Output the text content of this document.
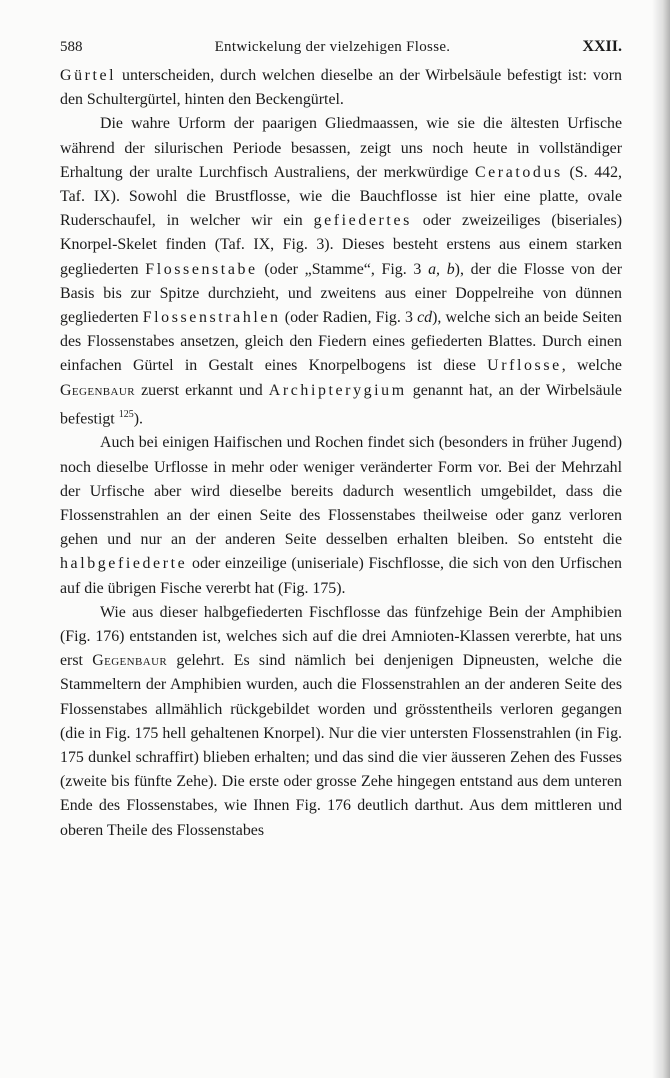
588	Entwickelung der vielzehigen Flosse.	XXII.

Gürtel unterscheiden, durch welchen dieselbe an der Wirbelsäule befestigt ist: vorn den Schultergürtel, hinten den Beckengürtel.

Die wahre Urform der paarigen Gliedmaassen, wie sie die ältesten Urfische während der silurischen Periode besassen, zeigt uns noch heute in vollständiger Erhaltung der uralte Lurchfisch Australiens, der merkwürdige Ceratodus (S. 442, Taf. IX). Sowohl die Brustflosse, wie die Bauchflosse ist hier eine platte, ovale Ruderschaufel, in welcher wir ein gefiedertes oder zweizeiliges (biseriales) Knorpel-Skelet finden (Taf. IX, Fig. 3). Dieses besteht erstens aus einem starken gegliederten Flossenstabe (oder „Stamme“, Fig. 3 a, b), der die Flosse von der Basis bis zur Spitze durchzieht, und zweitens aus einer Doppelreihe von dünnen gegliederten Flossenstrahlen (oder Radien, Fig. 3 cd), welche sich an beide Seiten des Flossenstabes ansetzen, gleich den Fiedern eines gefiederten Blattes. Durch einen einfachen Gürtel in Gestalt eines Knorpelbogens ist diese Urflosse, welche Gegenbaur zuerst erkannt und Archipterygium genannt hat, an der Wirbelsäule befestigt $^{125}$).

Auch bei einigen Haifischen und Rochen findet sich (besonders in früher Jugend) noch dieselbe Urflosse in mehr oder weniger veränderter Form vor. Bei der Mehrzahl der Urfische aber wird dieselbe bereits dadurch wesentlich umgebildet, dass die Flossenstrahlen an der einen Seite des Flossenstabes theilweise oder ganz verloren gehen und nur an der anderen Seite desselben erhalten bleiben. So entsteht die halbgefiederte oder einzeilige (uniseriale) Fischflosse, die sich von den Urfischen auf die übrigen Fische vererbt hat (Fig. 175).

Wie aus dieser halbgefiederten Fischflosse das fünfzehige Bein der Amphibien (Fig. 176) entstanden ist, welches sich auf die drei Amnioten-Klassen vererbte, hat uns erst Gegenbaur gelehrt. Es sind nämlich bei denjenigen Dipneusten, welche die Stammeltern der Amphibien wurden, auch die Flossenstrahlen an der anderen Seite des Flossenstabes allmählich rückgebildet worden und grösstentheils verloren gegangen (die in Fig. 175 hell gehaltenen Knorpel). Nur die vier untersten Flossenstrahlen (in Fig. 175 dunkel schraffirt) blieben erhalten; und das sind die vier äusseren Zehen des Fusses (zweite bis fünfte Zehe). Die erste oder grosse Zehe hingegen entstand aus dem unteren Ende des Flossenstabes, wie Ihnen Fig. 176 deutlich darthut. Aus dem mittleren und oberen Theile des Flossenstabes
